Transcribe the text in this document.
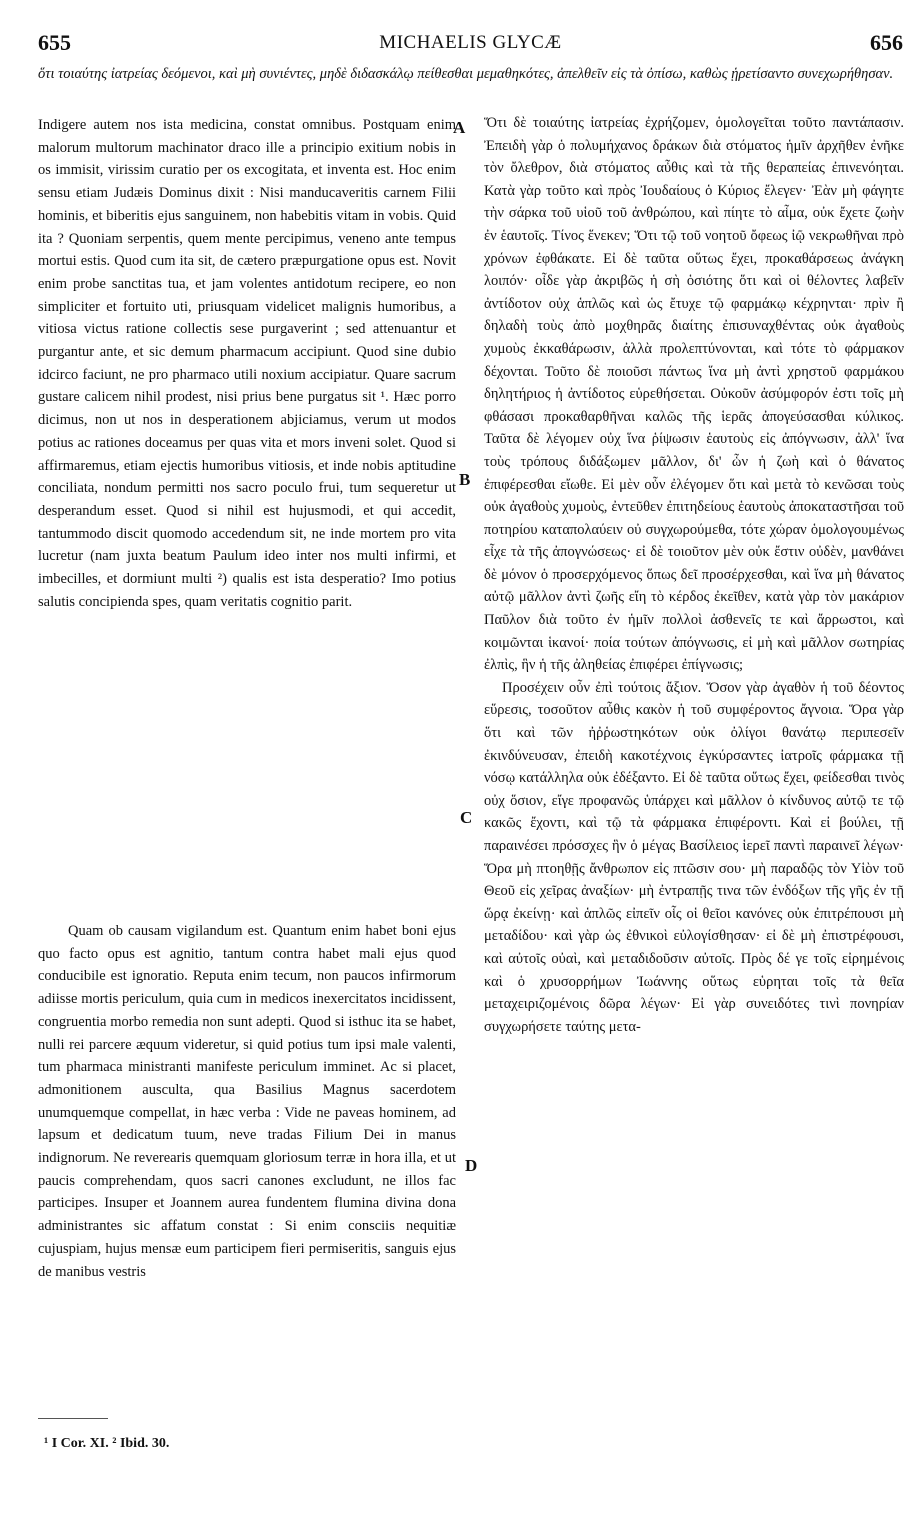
655	MICHAELIS GLYCÆ	656
ὅτι τοιαύτης ἰατρείας δεόμενοι, καὶ μὴ συνιέντες, μηδὲ διδασκάλῳ πείθεσθαι μεμαθηκότες, ἀπελθεῖν εἰς τὰ ὀπίσω, καθὼς ᾑρετίσαντο συνεχωρήθησαν.

Indigere autem nos ista medicina, constat omnibus. Postquam enim malorum multorum machinator draco ille a principio exitium nobis in os immisit, virissim curatio per os excogitata, et inventa est. Hoc enim sensu etiam Judæis Dominus dixit : Nisi manducaveritis carnem Filii hominis, et biberitis ejus sanguinem, non habebitis vitam in vobis. Quid ita ? Quoniam serpentis, quem mente percipimus, veneno ante tempus mortui estis. Quod cum ita sit, de cætero præpurgatione opus est. Novit enim probe sanctitas tua, et jam volentes antidotum recipere, eo non simpliciter et fortuito uti, priusquam videlicet malignis humoribus, a vitiosa victus ratione collectis sese purgaverint ; sed attenuantur et purgantur ante, et sic demum pharmacum accipiunt. Quod sine dubio idcirco faciunt, ne pro pharmaco utili noxium accipiatur. Quare sacrum gustare calicem nihil prodest, nisi prius bene purgatus sit ¹. Hæc porro dicimus, non ut nos in desperationem abjiciamus, verum ut modos potius ac rationes doceamus per quas vita et mors inveni solet. Quod si affirmaremus, etiam ejectis humoribus vitiosis, et inde nobis aptitudine conciliata, nondum permitti nos sacro poculo frui, tum sequeretur ut desperandum esset. Quod si nihil est hujusmodi, et qui accedit, tantummodo discit quomodo accedendum sit, ne inde mortem pro vita lucretur (nam juxta beatum Paulum ideo inter nos multi infirmi, et imbecilles, et dormiunt multi ²) qualis est ista desperatio? Imo potius salutis concipienda spes, quam veritatis cognitio parit.

Ὅτι δὲ τοιαύτης ἰατρείας ἐχρήζομεν, ὁμολογεῖται τοῦτο παντάπασιν. Ἐπειδὴ γὰρ ὁ πολυμήχανος δράκων διὰ στόματος ἡμῖν ἀρχῆθεν ἐνῆκε τὸν ὄλεθρον, διὰ στόματος αὖθις καὶ τὰ τῆς θεραπείας ἐπινενόηται. Κατὰ γὰρ τοῦτο καὶ πρὸς Ἰουδαίους ὁ Κύριος ἔλεγεν· Ἐὰν μὴ φάγητε τὴν σάρκα τοῦ υἱοῦ τοῦ ἀνθρώπου, καὶ πίητε τὸ αἷμα, οὐκ ἔχετε ζωὴν ἐν ἑαυτοῖς. Τίνος ἕνεκεν; Ὅτι τῷ τοῦ νοητοῦ ὄφεως ἰῷ νεκρωθῆναι πρὸ χρόνων ἐφθάκατε. Εἰ δὲ ταῦτα οὕτως ἔχει, προκαθάρσεως ἀνάγκη λοιπόν· οἶδε γὰρ ἀκριβῶς ἡ σὴ ὁσιότης ὅτι καὶ οἱ θέλοντες λαβεῖν ἀντίδοτον οὐχ ἁπλῶς καὶ ὡς ἔτυχε τῷ φαρμάκῳ κέχρηνται· πρὶν ἢ δηλαδὴ τοὺς ἀπὸ μοχθηρᾶς διαίτης ἐπισυναχθέντας οὐκ ἀγαθοὺς χυμοὺς ἐκκαθάρωσιν, ἀλλὰ προλεπτύνονται, καὶ τότε τὸ φάρμακον δέχονται. Τοῦτο δὲ ποιοῦσι πάντως ἵνα μὴ ἀντὶ χρηστοῦ φαρμάκου δηλητήριος ἡ ἀντίδοτος εὑρεθήσεται. Οὐκοῦν ἀσύμφορόν ἐστι τοῖς μὴ φθάσασι προκαθαρθῆναι καλῶς τῆς ἱερᾶς ἀπογεύσασθαι κύλικος. Ταῦτα δὲ λέγομεν οὐχ ἵνα ῥίψωσιν ἑαυτοὺς εἰς ἀπόγνωσιν, ἀλλ' ἵνα τοὺς τρόπους διδάξωμεν μᾶλλον, δι' ὧν ἡ ζωὴ καὶ ὁ θάνατος ἐπιφέρεσθαι εἴωθε. Εἰ μὲν οὖν ἐλέγομεν ὅτι καὶ μετὰ τὸ κενῶσαι τοὺς οὐκ ἀγαθοὺς χυμοὺς, ἐντεῦθεν ἐπιτηδείους ἑαυτοὺς ἀποκαταστῆσαι τοῦ ποτηρίου καταπολαύειν οὐ συγχωρούμεθα, τότε χώραν ὁμολογουμένως εἶχε τὰ τῆς ἀπογνώσεως· εἰ δὲ τοιοῦτον μὲν οὐκ ἔστιν οὐδὲν, μανθάνει δὲ μόνον ὁ προσερχόμενος ὅπως δεῖ προσέρχεσθαι, καὶ ἵνα μὴ θάνατος αὐτῷ μᾶλλον ἀντὶ ζωῆς εἴη τὸ κέρδος ἐκεῖθεν, κατὰ γὰρ τὸν μακάριον Παῦλον διὰ τοῦτο ἐν ἡμῖν πολλοὶ ἀσθενεῖς τε καὶ ἄρρωστοι, καὶ κοιμῶνται ἱκανοί· ποία τούτων ἀπόγνωσις, εἰ μὴ καὶ μᾶλλον σωτηρίας ἐλπὶς, ἣν ἡ τῆς ἀληθείας ἐπιφέρει ἐπίγνωσις;

Προσέχειν οὖν ἐπὶ τούτοις ἄξιον. Ὅσον γὰρ ἀγαθὸν ἡ τοῦ δέοντος εὕρεσις, τοσοῦτον αὖθις κακὸν ἡ τοῦ συμφέροντος ἄγνοια. Ὅρα γὰρ ὅτι καὶ τῶν ἠῤῥωστηκότων οὐκ ὀλίγοι θανάτῳ περιπεσεῖν ἐκινδύνευσαν, ἐπειδὴ κακοτέχνοις ἐγκύρσαντες ἰατροῖς φάρμακα τῇ νόσῳ κατάλληλα οὐκ ἐδέξαντο. Εἰ δὲ ταῦτα οὕτως ἔχει, φείδεσθαι τινὸς οὐχ ὅσιον, εἴγε προφανῶς ὑπάρχει καὶ μᾶλλον ὁ κίνδυνος αὐτῷ τε τῷ κακῶς ἔχοντι, καὶ τῷ τὰ φάρμακα ἐπιφέροντι. Καὶ εἰ βούλει, τῇ παραινέσει πρόσσχες ἣν ὁ μέγας Βασίλειος ἱερεῖ παντὶ παραινεῖ λέγων· Ὅρα μὴ πτοηθῇς ἄνθρωπον εἰς πτῶσιν σου· μὴ παραδῷς τὸν Υἱὸν τοῦ Θεοῦ εἰς χεῖρας ἀναξίων· μὴ ἐντραπῇς τινα τῶν ἐνδόξων τῆς γῆς ἐν τῇ ὥρᾳ ἐκείνῃ· καὶ ἁπλῶς εἰπεῖν οἷς οἱ θεῖοι κανόνες οὐκ ἐπιτρέπουσι μὴ μεταδίδου· καὶ γὰρ ὡς ἐθνικοὶ εὐλογίσθησαν· εἰ δὲ μὴ ἐπιστρέφουσι, καὶ αὐτοῖς οὐαὶ, καὶ μεταδιδοῦσιν αὐτοῖς. Πρὸς δέ γε τοῖς εἰρημένοις καὶ ὁ χρυσορρήμων Ἰωάννης οὕτως εὑρηται τοῖς τὰ θεῖα μεταχειριζομένοις δῶρα λέγων· Εἰ γὰρ συνειδότες τινὶ πονηρίαν συγχωρήσετε ταύτης μετα-

Quam ob causam vigilandum est. Quantum enim habet boni ejus quo facto opus est agnitio, tantum contra habet mali ejus quod conducibile est ignoratio. Reputa enim tecum, non paucos infirmorum adiisse mortis periculum, quia cum in medicos inexercitatos incidissent, congruentia morbo remedia non sunt adepti. Quod si isthuc ita se habet, nulli rei parcere æquum videretur, si quid potius tum ipsi male valenti, tum pharmaca ministranti manifeste periculum imminet. Ac si placet, admonitionem ausculta, qua Basilius Magnus sacerdotem unumquemque compellat, in hæc verba : Vide ne paveas hominem, ad lapsum et dedicatum tuum, neve tradas Filium Dei in manus indignorum. Ne reverearis quemquam gloriosum terræ in hora illa, et ut paucis comprehendam, quos sacri canones excludunt, ne illos fac participes. Insuper et Joannem aurea fundentem flumina divina dona administrantes sic affatum constat : Si enim consciis nequitiæ cujuspiam, hujus mensæ eum participem fieri permiseritis, sanguis ejus de manibus vestris

A
B
C
D
¹ I Cor. XI. ² Ibid. 30.
